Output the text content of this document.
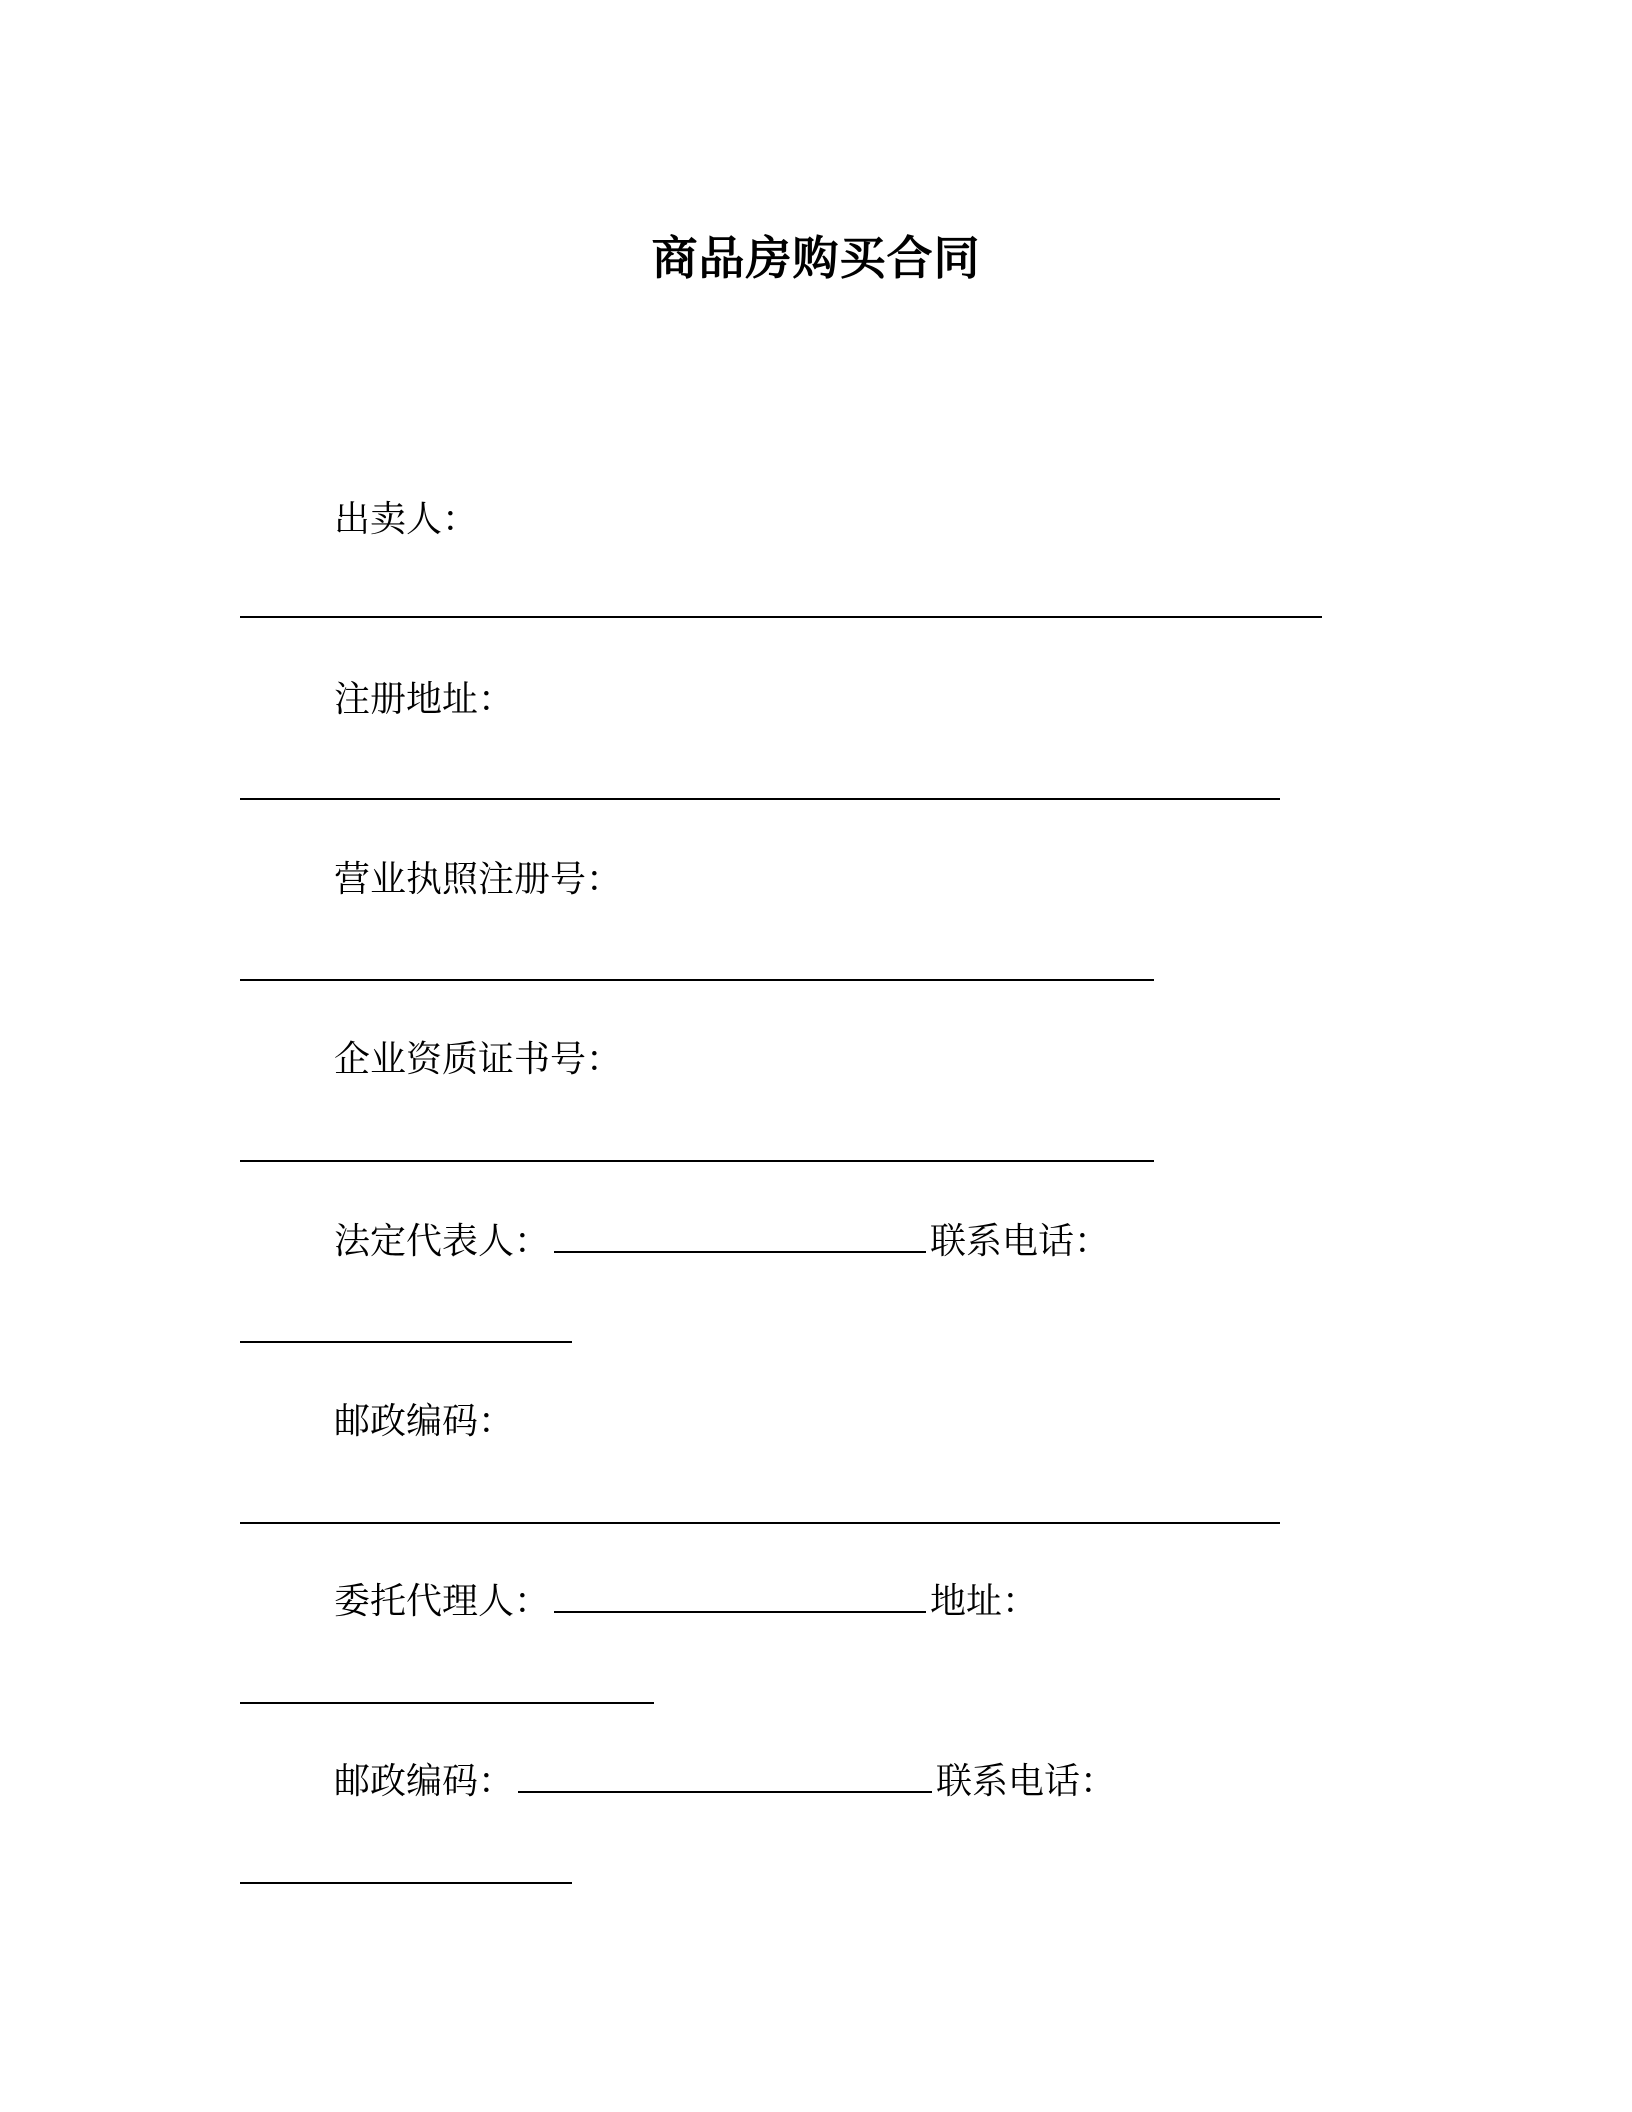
商品房购买合同
出卖人：
注册地址：
营业执照注册号：
企业资质证书号：
法定代表人：	联系电话：
邮政编码：
委托代理人：	地址：
邮政编码：	联系电话：
